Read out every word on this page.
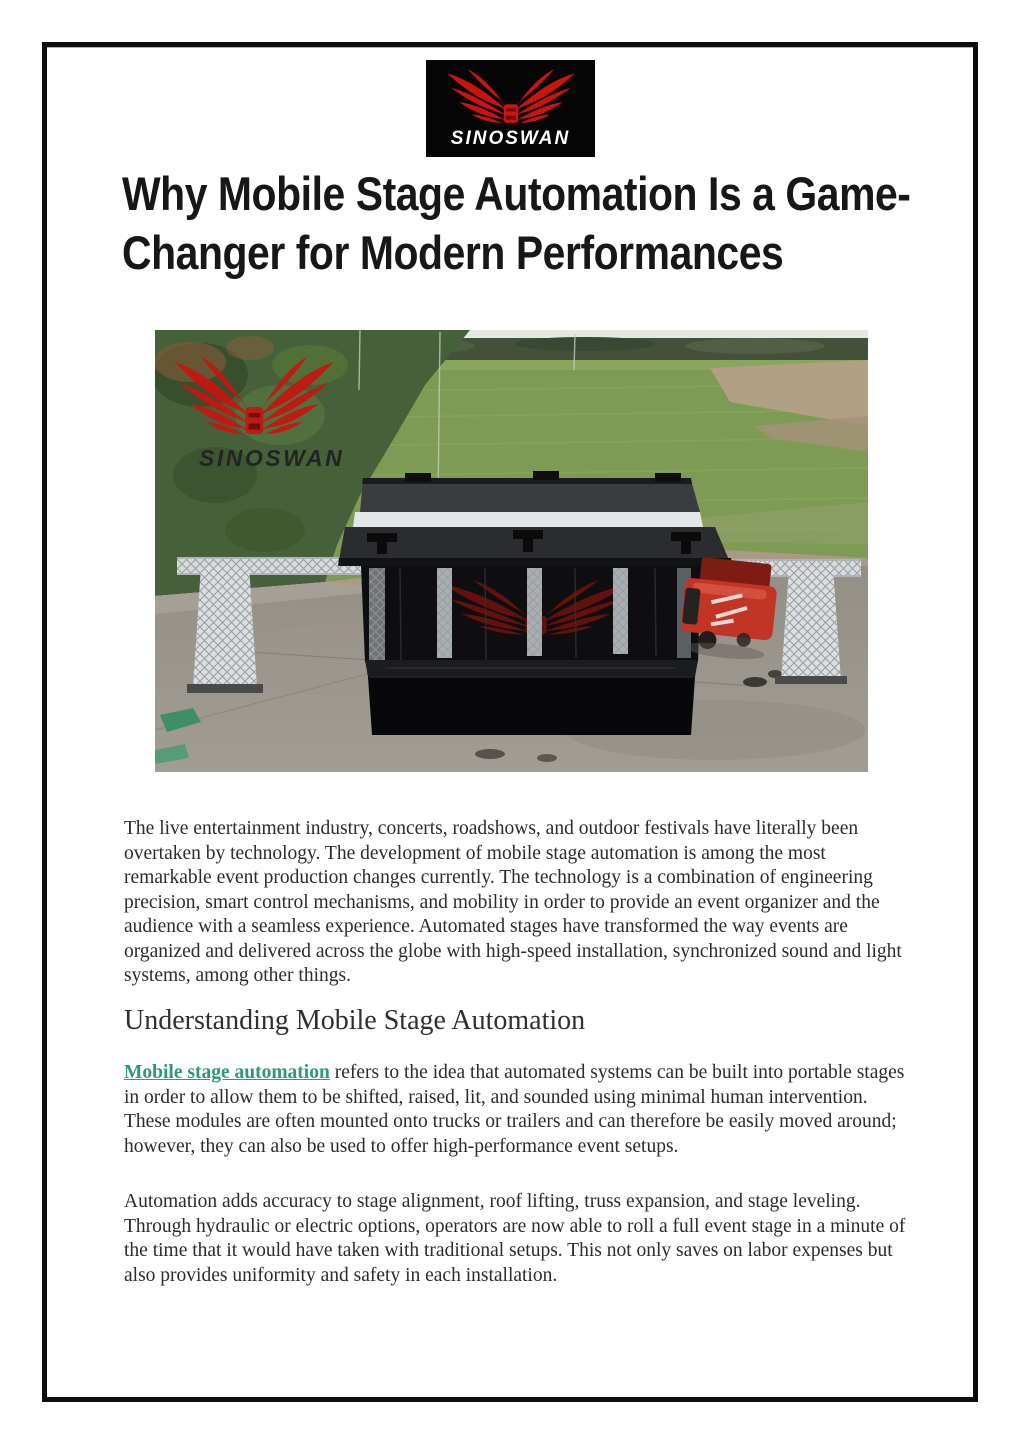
SINOSWAN
Why Mobile Stage Automation Is a Game-
Changer for Modern Performances
SINOSWAN

The live entertainment industry, concerts, roadshows, and outdoor festivals have literally been overtaken by technology. The development of mobile stage automation is among the most remarkable event production changes currently. The technology is a combination of engineering precision, smart control mechanisms, and mobility in order to provide an event organizer and the audience with a seamless experience. Automated stages have transformed the way events are organized and delivered across the globe with high-speed installation, synchronized sound and light systems, among other things.

Understanding Mobile Stage Automation

Mobile stage automation refers to the idea that automated systems can be built into portable stages in order to allow them to be shifted, raised, lit, and sounded using minimal human intervention. These modules are often mounted onto trucks or trailers and can therefore be easily moved around; however, they can also be used to offer high-performance event setups.

Automation adds accuracy to stage alignment, roof lifting, truss expansion, and stage leveling. Through hydraulic or electric options, operators are now able to roll a full event stage in a minute of the time that it would have taken with traditional setups. This not only saves on labor expenses but also provides uniformity and safety in each installation.
